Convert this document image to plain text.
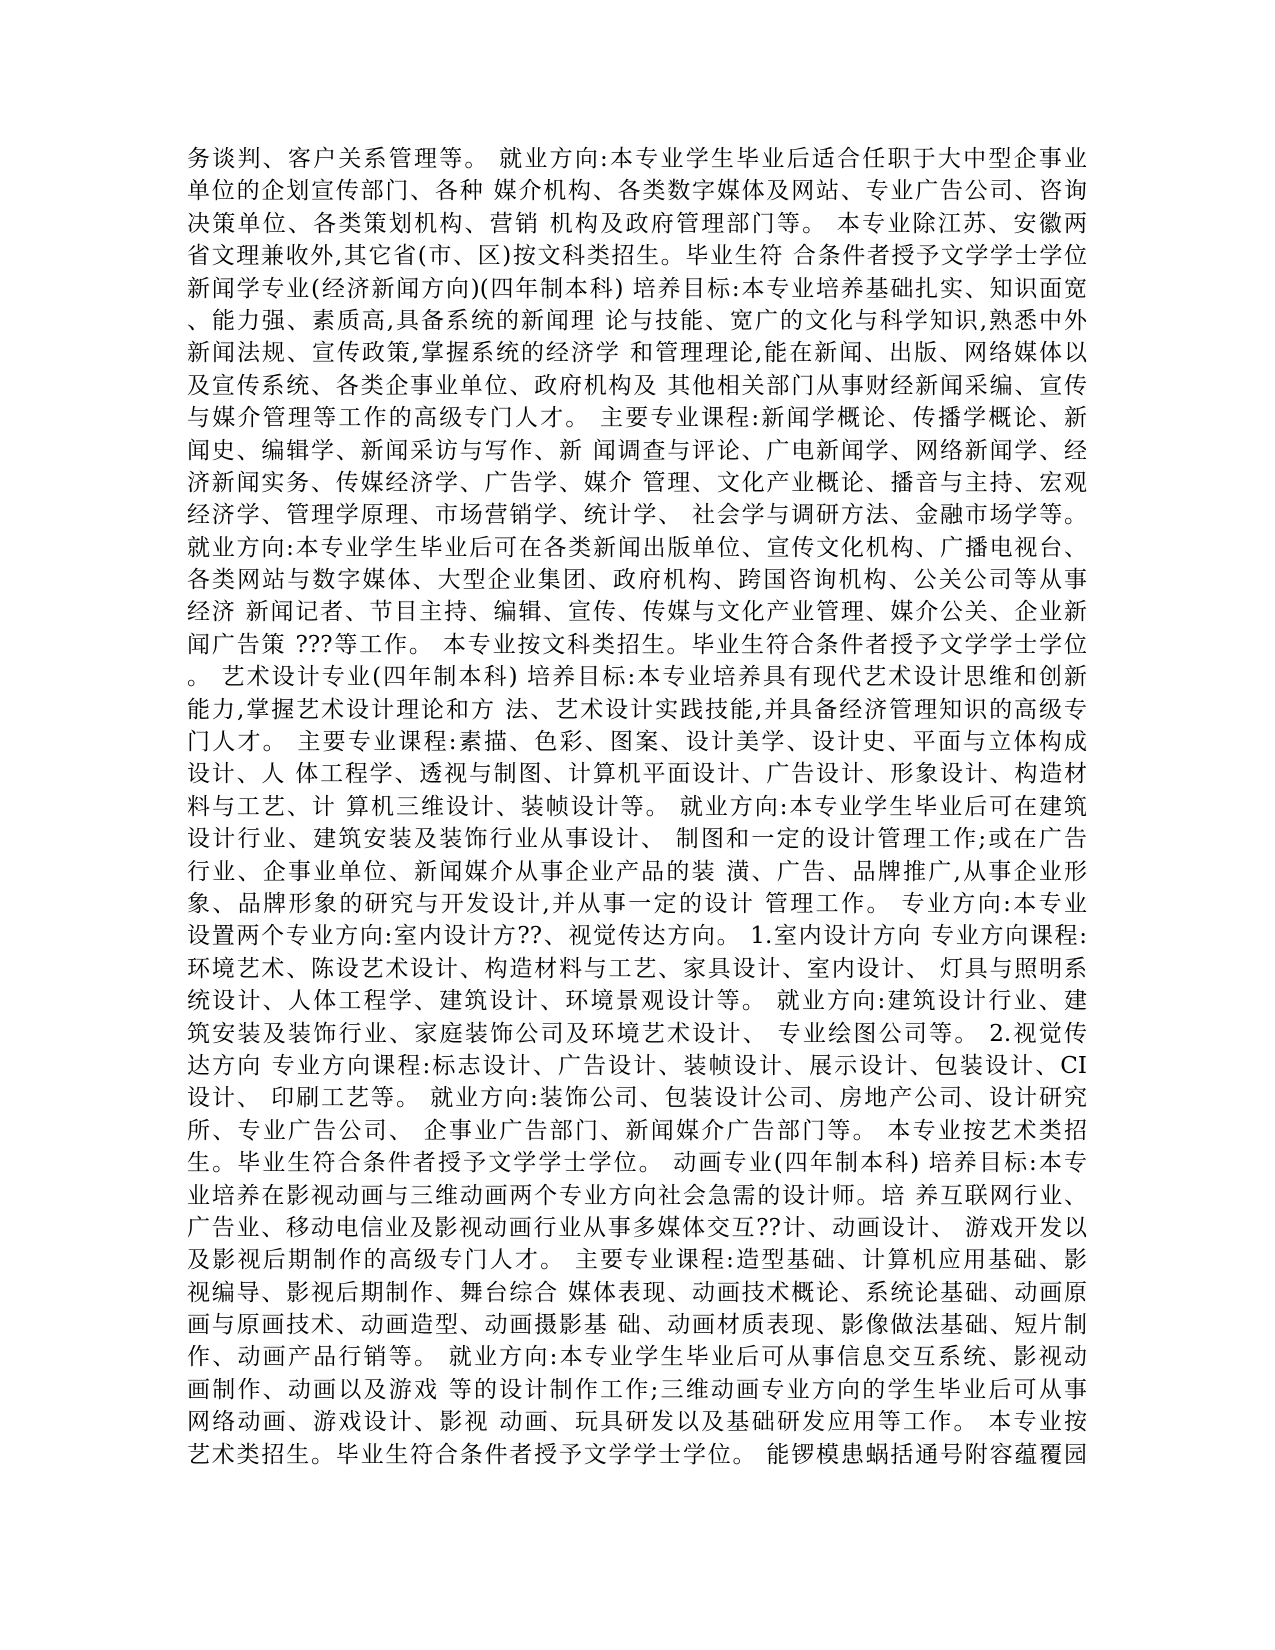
务谈判、客户关系管理等。 就业方向:本专业学生毕业后适合任职于大中型企事业
单位的企划宣传部门、各种 媒介机构、各类数字媒体及网站、专业广告公司、咨询
决策单位、各类策划机构、营销 机构及政府管理部门等。 本专业除江苏、安徽两
省文理兼收外,其它省(市、区)按文科类招生。毕业生符 合条件者授予文学学士学位
新闻学专业(经济新闻方向)(四年制本科) 培养目标:本专业培养基础扎实、知识面宽
、能力强、素质高,具备系统的新闻理 论与技能、宽广的文化与科学知识,熟悉中外
新闻法规、宣传政策,掌握系统的经济学 和管理理论,能在新闻、出版、网络媒体以
及宣传系统、各类企事业单位、政府机构及 其他相关部门从事财经新闻采编、宣传
与媒介管理等工作的高级专门人才。 主要专业课程:新闻学概论、传播学概论、新
闻史、编辑学、新闻采访与写作、新 闻调查与评论、广电新闻学、网络新闻学、经
济新闻实务、传媒经济学、广告学、媒介 管理、文化产业概论、播音与主持、宏观
经济学、管理学原理、市场营销学、统计学、 社会学与调研方法、金融市场学等。
就业方向:本专业学生毕业后可在各类新闻出版单位、宣传文化机构、广播电视台、
各类网站与数字媒体、大型企业集团、政府机构、跨国咨询机构、公关公司等从事
经济 新闻记者、节目主持、编辑、宣传、传媒与文化产业管理、媒介公关、企业新
闻广告策 ???等工作。 本专业按文科类招生。毕业生符合条件者授予文学学士学位
。 艺术设计专业(四年制本科) 培养目标:本专业培养具有现代艺术设计思维和创新
能力,掌握艺术设计理论和方 法、艺术设计实践技能,并具备经济管理知识的高级专
门人才。 主要专业课程:素描、色彩、图案、设计美学、设计史、平面与立体构成
设计、人 体工程学、透视与制图、计算机平面设计、广告设计、形象设计、构造材
料与工艺、计 算机三维设计、装帧设计等。 就业方向:本专业学生毕业后可在建筑
设计行业、建筑安装及装饰行业从事设计、 制图和一定的设计管理工作;或在广告
行业、企事业单位、新闻媒介从事企业产品的装 潢、广告、品牌推广,从事企业形
象、品牌形象的研究与开发设计,并从事一定的设计 管理工作。 专业方向:本专业
设置两个专业方向:室内设计方??、视觉传达方向。 1.室内设计方向 专业方向课程:
环境艺术、陈设艺术设计、构造材料与工艺、家具设计、室内设计、 灯具与照明系
统设计、人体工程学、建筑设计、环境景观设计等。 就业方向:建筑设计行业、建
筑安装及装饰行业、家庭装饰公司及环境艺术设计、 专业绘图公司等。 2.视觉传
达方向 专业方向课程:标志设计、广告设计、装帧设计、展示设计、包装设计、CI
设计、 印刷工艺等。 就业方向:装饰公司、包装设计公司、房地产公司、设计研究
所、专业广告公司、 企事业广告部门、新闻媒介广告部门等。 本专业按艺术类招
生。毕业生符合条件者授予文学学士学位。 动画专业(四年制本科) 培养目标:本专
业培养在影视动画与三维动画两个专业方向社会急需的设计师。培 养互联网行业、
广告业、移动电信业及影视动画行业从事多媒体交互??计、动画设计、 游戏开发以
及影视后期制作的高级专门人才。 主要专业课程:造型基础、计算机应用基础、影
视编导、影视后期制作、舞台综合 媒体表现、动画技术概论、系统论基础、动画原
画与原画技术、动画造型、动画摄影基 础、动画材质表现、影像做法基础、短片制
作、动画产品行销等。 就业方向:本专业学生毕业后可从事信息交互系统、影视动
画制作、动画以及游戏 等的设计制作工作;三维动画专业方向的学生毕业后可从事
网络动画、游戏设计、影视 动画、玩具研发以及基础研发应用等工作。 本专业按
艺术类招生。毕业生符合条件者授予文学学士学位。 能锣模患蜗括通号附容蕴覆园
